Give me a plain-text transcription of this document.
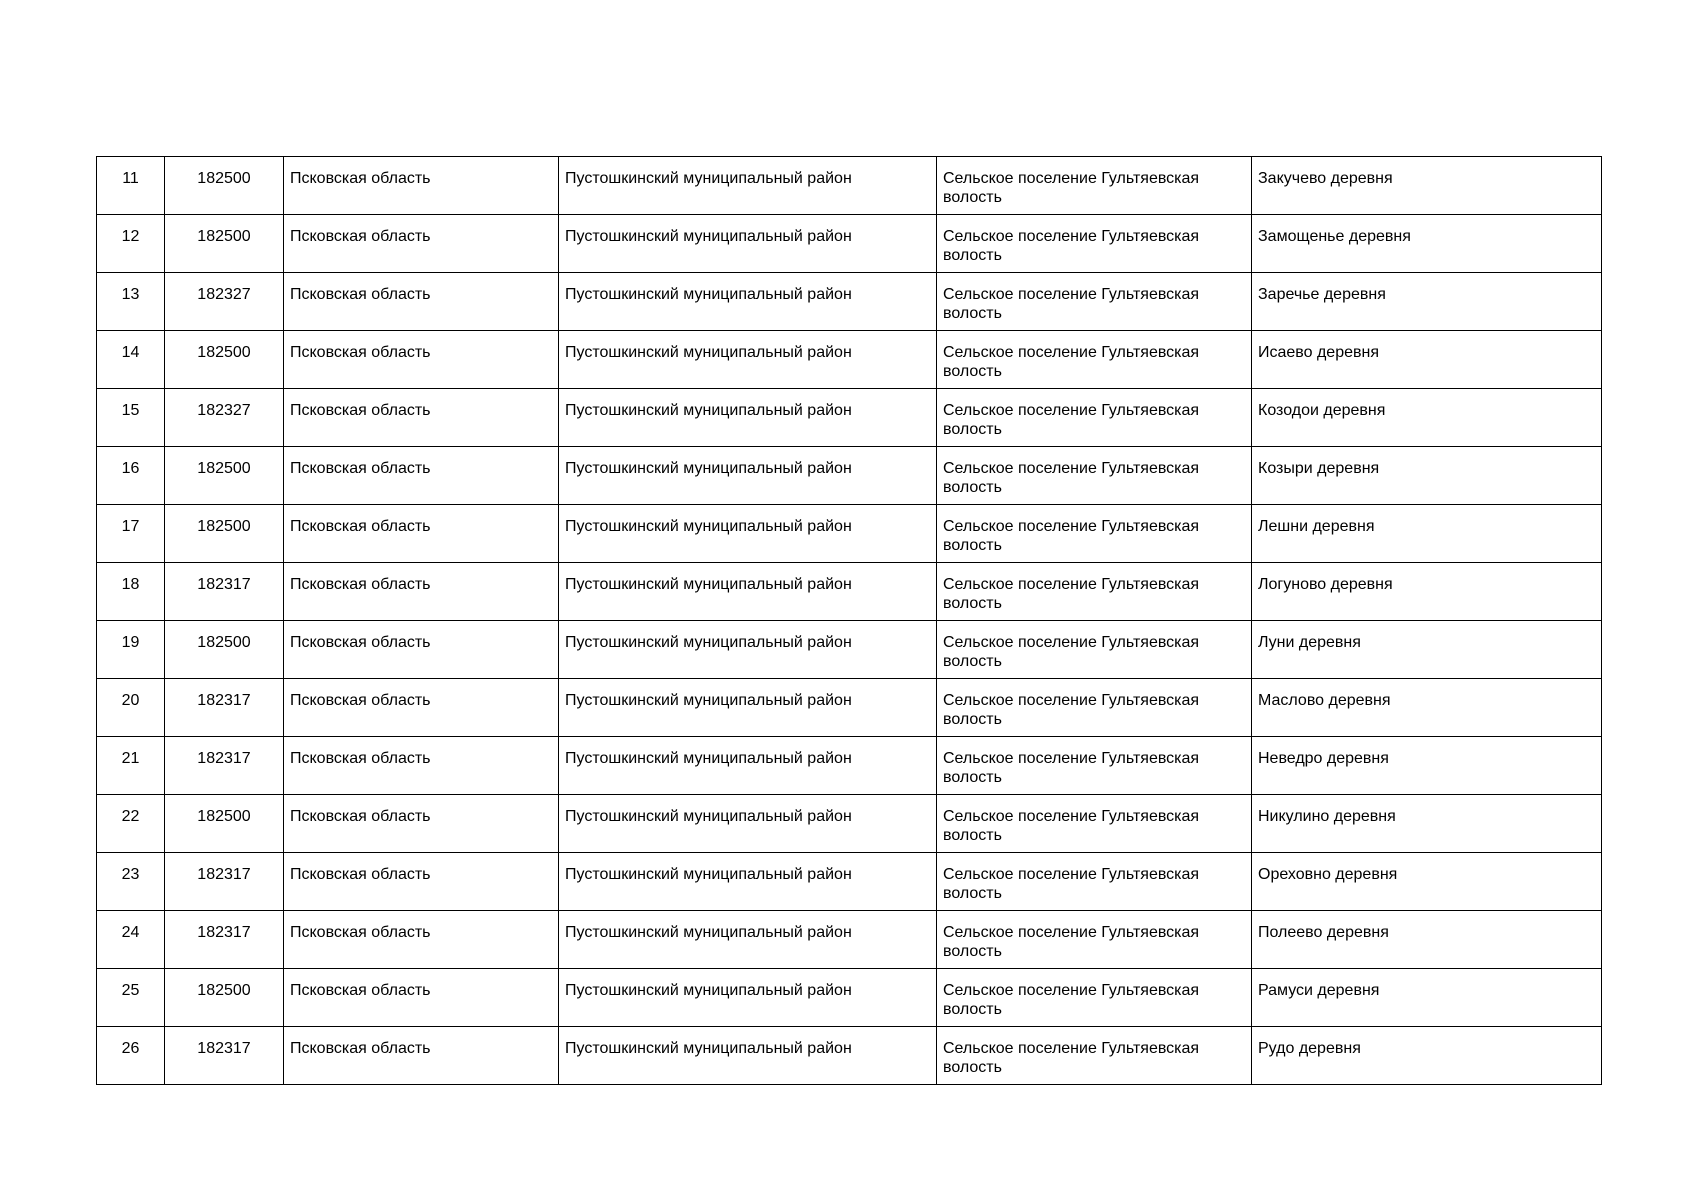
11	182500	Псковская область	Пустошкинский муниципальный район	Сельское поселение Гультяевская волость	Закучево деревня
12	182500	Псковская область	Пустошкинский муниципальный район	Сельское поселение Гультяевская волость	Замощенье деревня
13	182327	Псковская область	Пустошкинский муниципальный район	Сельское поселение Гультяевская волость	Заречье деревня
14	182500	Псковская область	Пустошкинский муниципальный район	Сельское поселение Гультяевская волость	Исаево деревня
15	182327	Псковская область	Пустошкинский муниципальный район	Сельское поселение Гультяевская волость	Козодои деревня
16	182500	Псковская область	Пустошкинский муниципальный район	Сельское поселение Гультяевская волость	Козыри деревня
17	182500	Псковская область	Пустошкинский муниципальный район	Сельское поселение Гультяевская волость	Лешни деревня
18	182317	Псковская область	Пустошкинский муниципальный район	Сельское поселение Гультяевская волость	Логуново деревня
19	182500	Псковская область	Пустошкинский муниципальный район	Сельское поселение Гультяевская волость	Луни деревня
20	182317	Псковская область	Пустошкинский муниципальный район	Сельское поселение Гультяевская волость	Маслово деревня
21	182317	Псковская область	Пустошкинский муниципальный район	Сельское поселение Гультяевская волость	Неведро деревня
22	182500	Псковская область	Пустошкинский муниципальный район	Сельское поселение Гультяевская волость	Никулино деревня
23	182317	Псковская область	Пустошкинский муниципальный район	Сельское поселение Гультяевская волость	Ореховно деревня
24	182317	Псковская область	Пустошкинский муниципальный район	Сельское поселение Гультяевская волость	Полеево деревня
25	182500	Псковская область	Пустошкинский муниципальный район	Сельское поселение Гультяевская волость	Рамуси деревня
26	182317	Псковская область	Пустошкинский муниципальный район	Сельское поселение Гультяевская волость	Рудо деревня
